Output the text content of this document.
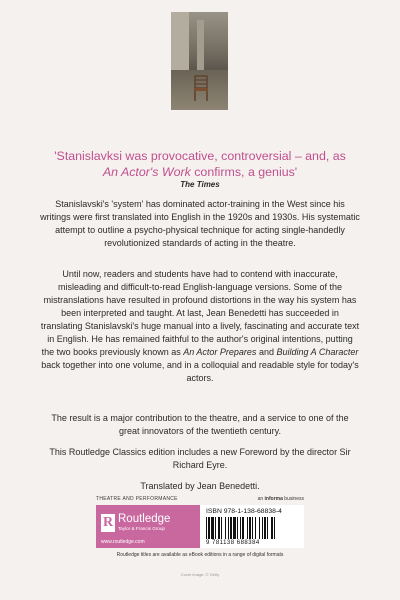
'Stanislavksi was provocative, controversial – and, as
An Actor's Work confirms, a genius'
The Times
Stanislavski's 'system' has dominated actor-training in the West since his writings were first translated into English in the 1920s and 1930s. His systematic attempt to outline a psycho-physical technique for acting single-handedly revolutionized standards of acting in the theatre.
Until now, readers and students have had to contend with inaccurate, misleading and difficult-to-read English-language versions. Some of the mistranslations have resulted in profound distortions in the way his system has been interpreted and taught. At last, Jean Benedetti has succeeded in translating Stanislavski's huge manual into a lively, fascinating and accurate text in English. He has remained faithful to the author's original intentions, putting the two books previously known as An Actor Prepares and Building A Character back together into one volume, and in a colloquial and readable style for today's actors.
The result is a major contribution to the theatre, and a service to one of the great innovators of the twentieth century.
This Routledge Classics edition includes a new Foreword by the director Sir Richard Eyre.
Translated by Jean Benedetti.
THEATRE AND PERFORMANCE	an informa business
R Routledge
Taylor & Francis Group
www.routledge.com
ISBN 978-1-138-68838-4
9 781138 688384
Routledge titles are available as eBook editions in a range of digital formats
Cover image: © Getty
